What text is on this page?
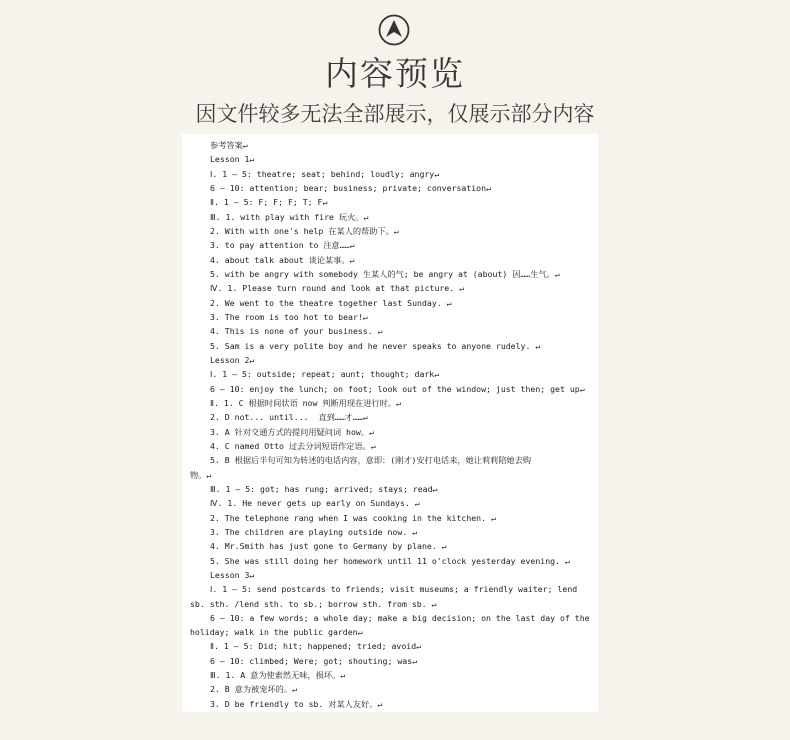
内容预览
因文件较多无法全部展示，仅展示部分内容
参考答案↵
Lesson 1↵
Ⅰ. 1 — 5: theatre; seat; behind; loudly; angry↵
6 — 10: attention; bear; business; private; conversation↵
Ⅱ. 1 — 5: F; F; F; T; F↵
Ⅲ. 1. with play with fire 玩火。↵
2. With with one's help 在某人的帮助下。↵
3. to pay attention to 注意……↵
4. about talk about 谈论某事。↵
5. with be angry with somebody 生某人的气; be angry at (about) 因……生气。↵
Ⅳ. 1. Please turn round and look at that picture. ↵
2. We went to the theatre together last Sunday. ↵
3. The room is too hot to bear!↵
4. This is none of your business. ↵
5. Sam is a very polite boy and he never speaks to anyone rudely. ↵
Lesson 2↵
Ⅰ. 1 — 5: outside; repeat; aunt; thought; dark↵
6 — 10: enjoy the lunch; on foot; look out of the window; just then; get up↵
Ⅱ. 1. C 根据时间状语 now 判断用现在进行时。↵
2. D not... until...  直到……才……↵
3. A 针对交通方式的提问用疑问词 how。↵
4. C named Otto 过去分词短语作定语。↵
5. B 根据后半句可知为转述的电话内容，意即：(刚才)安打电话来，她让莉莉陪她去购
物。↵
Ⅲ. 1 — 5: got; has rung; arrived; stays; read↵
Ⅳ. 1. He never gets up early on Sundays. ↵
2. The telephone rang when I was cooking in the kitchen. ↵
3. The children are playing outside now. ↵
4. Mr.Smith has just gone to Germany by plane. ↵
5. She was still doing her homework until 11 o'clock yesterday evening. ↵
Lesson 3↵
Ⅰ. 1 — 5: send postcards to friends; visit museums; a friendly waiter; lend
sb. sth. /lend sth. to sb.; borrow sth. from sb. ↵
6 — 10: a few words; a whole day; make a big decision; on the last day of the
holiday; walk in the public garden↵
Ⅱ. 1 — 5: Did; hit; happened; tried; avoid↵
6 — 10: climbed; Were; got; shouting; was↵
Ⅲ. 1. A 意为使索然无味，损坏。↵
2. B 意为被宠坏的。↵
3. D be friendly to sb. 对某人友好。↵
